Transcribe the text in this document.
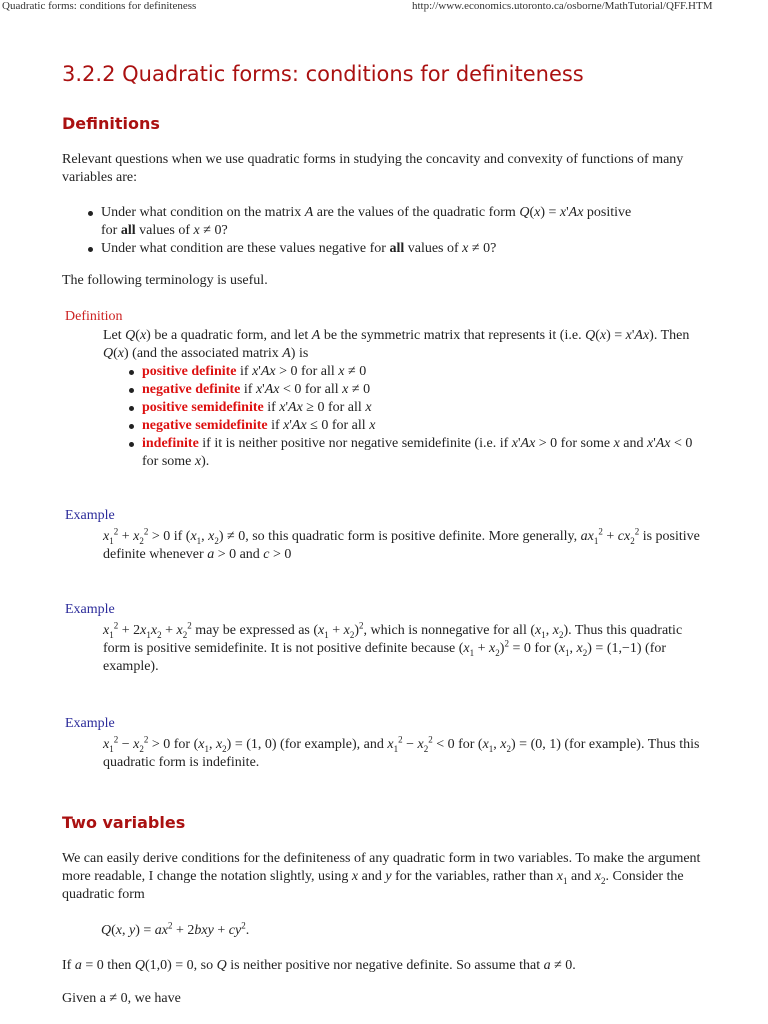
Quadratic forms: conditions for definiteness	http://www.economics.utoronto.ca/osborne/MathTutorial/QFF.HTM
3.2.2 Quadratic forms: conditions for definiteness
Definitions
Relevant questions when we use quadratic forms in studying the concavity and convexity of functions of many variables are:
Under what condition on the matrix A are the values of the quadratic form Q(x) = x'Ax positive
for all values of x ≠ 0?
Under what condition are these values negative for all values of x ≠ 0?
The following terminology is useful.
Definition
Let Q(x) be a quadratic form, and let A be the symmetric matrix that represents it (i.e. Q(x) = x'Ax). Then Q(x) (and the associated matrix A) is
positive definite if x'Ax > 0 for all x ≠ 0
negative definite if x'Ax < 0 for all x ≠ 0
positive semidefinite if x'Ax ≥ 0 for all x
negative semidefinite if x'Ax ≤ 0 for all x
indefinite if it is neither positive nor negative semidefinite (i.e. if x'Ax > 0 for some x and x'Ax < 0 for some x).
Example
$x_1^2 + x_2^2 > 0$ if ($x_1$, $x_2) \ne 0$, so this quadratic form is positive definite. More generally, $ax_1^2 + cx_2^2$ is positive definite whenever a > 0 and c > 0
Example
$x_1^2 + 2x_1x_2 + x_2^2$ may be expressed as $(x_1 + x_2)^2$, which is nonnegative for all ($x_1$, $x_2$). Thus this quadratic form is positive semidefinite. It is not positive definite because $(x_1 + x_2)^2 = 0$ for ($x_1$, $x_2) = (1,-1)$ (for example).
Example
$x_1^2 - x_2^2 > 0$ for ($x_1$, $x_2) = (1$, 0) (for example), and $x_1^2 - x_2^2 < 0$ for ($x_1$, $x_2) = (0$, 1) (for example). Thus this quadratic form is indefinite.
Two variables
We can easily derive conditions for the definiteness of any quadratic form in two variables. To make the argument more readable, I change the notation slightly, using x and y for the variables, rather than $x_1$ and $x_2$. Consider the quadratic form
Q(x, $y) = ax^2 + 2bxy + cy^2$.
If a = 0 then Q(1,0) = 0, so Q is neither positive nor negative definite. So assume that a ≠ 0.
Given a ≠ 0, we have
